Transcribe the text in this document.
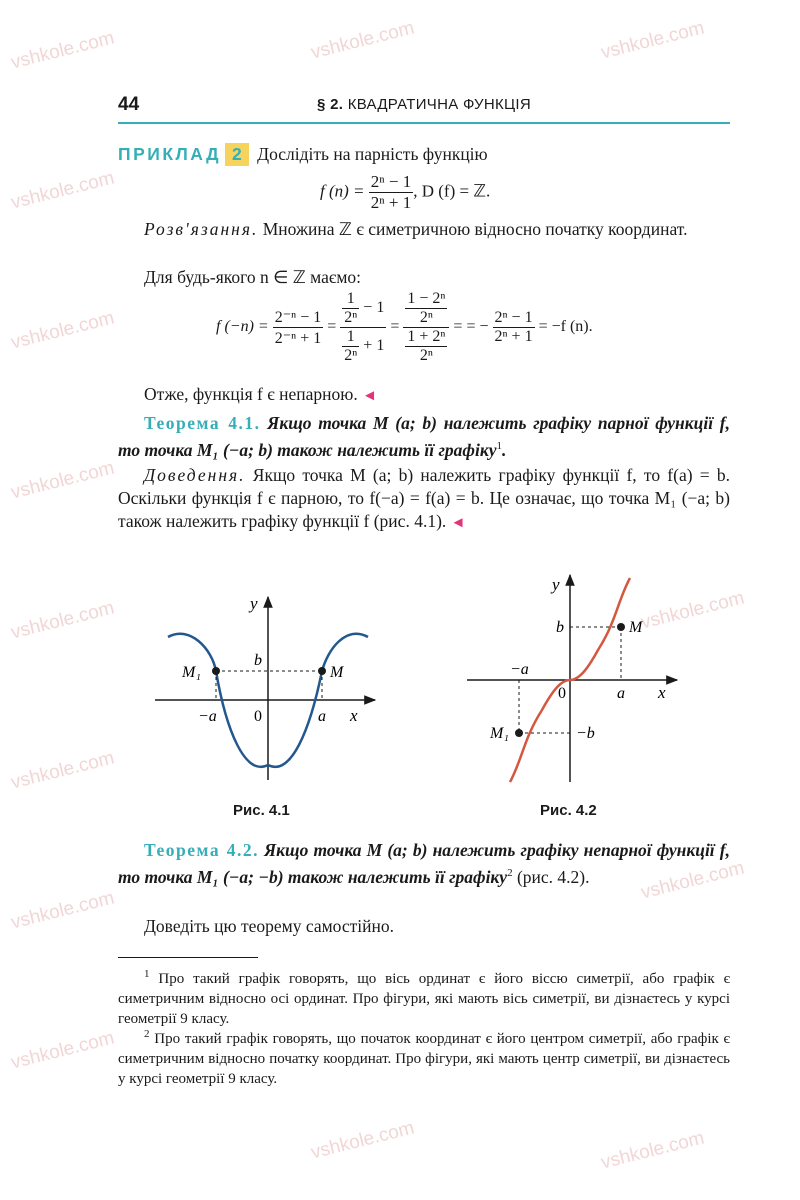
vshkole.com	vshkole.com	vshkole.com
vshkole.com
vshkole.com
vshkole.com
vshkole.com
vshkole.com
vshkole.com
vshkole.com
vshkole.com	vshkole.com
vshkole.com
vshkole.com
44	§ 2. КВАДРАТИЧНА ФУНКЦІЯ
ПРИКЛАД 2 Дослідіть на парність функцію
f $(n) = \frac{\text{2ⁿ − 1}}{\text{2ⁿ + 1}}$ , D (f) = ℤ.
Розв'язання. Множина ℤ є симетричною відносно початку координат.
Для будь-якого n ∈ ℤ маємо:
f $(-n) = \frac{\text{2⁻ⁿ − 1}}{\text{2⁻ⁿ + 1}} = \frac{\frac{1}{\text{2ⁿ}} - 1}{\frac{1}{\text{2ⁿ}} + 1} = \frac{\frac{\text{1 − 2ⁿ}}{\text{2ⁿ}}}{\frac{\text{1 + 2ⁿ}}{\text{2ⁿ}}}$ = = − $\frac{\text{2ⁿ − 1}}{\text{2ⁿ + 1}} = -f$ (n).
Отже, функція f є непарною. ◄
Теорема 4.1. Якщо точка M (a; b) належить графіку парної функції f, то точка M₁ (−a; b) також належить її графіку$^1$.
Доведення. Якщо точка M (a; b) належить графіку функції f, то f(a) = b. Оскільки функція f є парною, то f(−a) = f(a) = b. Це означає, що точка M₁ (−a; b) також належить графіку функції f (рис. 4.1). ◄
y
x
b
0
−a	a
M₁	M
Рис. 4.1
y
x
b
−b
0
−a
a
M₁
M
Рис. 4.2
Теорема 4.2. Якщо точка M (a; b) належить графіку непарної функції f, то точка M₁ (−a; −b) також належить її графіку$^2$ (рис. 4.2).
Доведіть цю теорему самостійно.
$^1$ Про такий графік говорять, що вісь ординат є його віссю симетрії, або графік є симетричним відносно осі ординат. Про фігури, які мають вісь симетрії, ви дізнаєтесь у курсі геометрії 9 класу.
$^2$ Про такий графік говорять, що початок координат є його центром симетрії, або графік є симетричним відносно початку координат. Про фігури, які мають центр симетрії, ви дізнаєтесь у курсі геометрії 9 класу.
